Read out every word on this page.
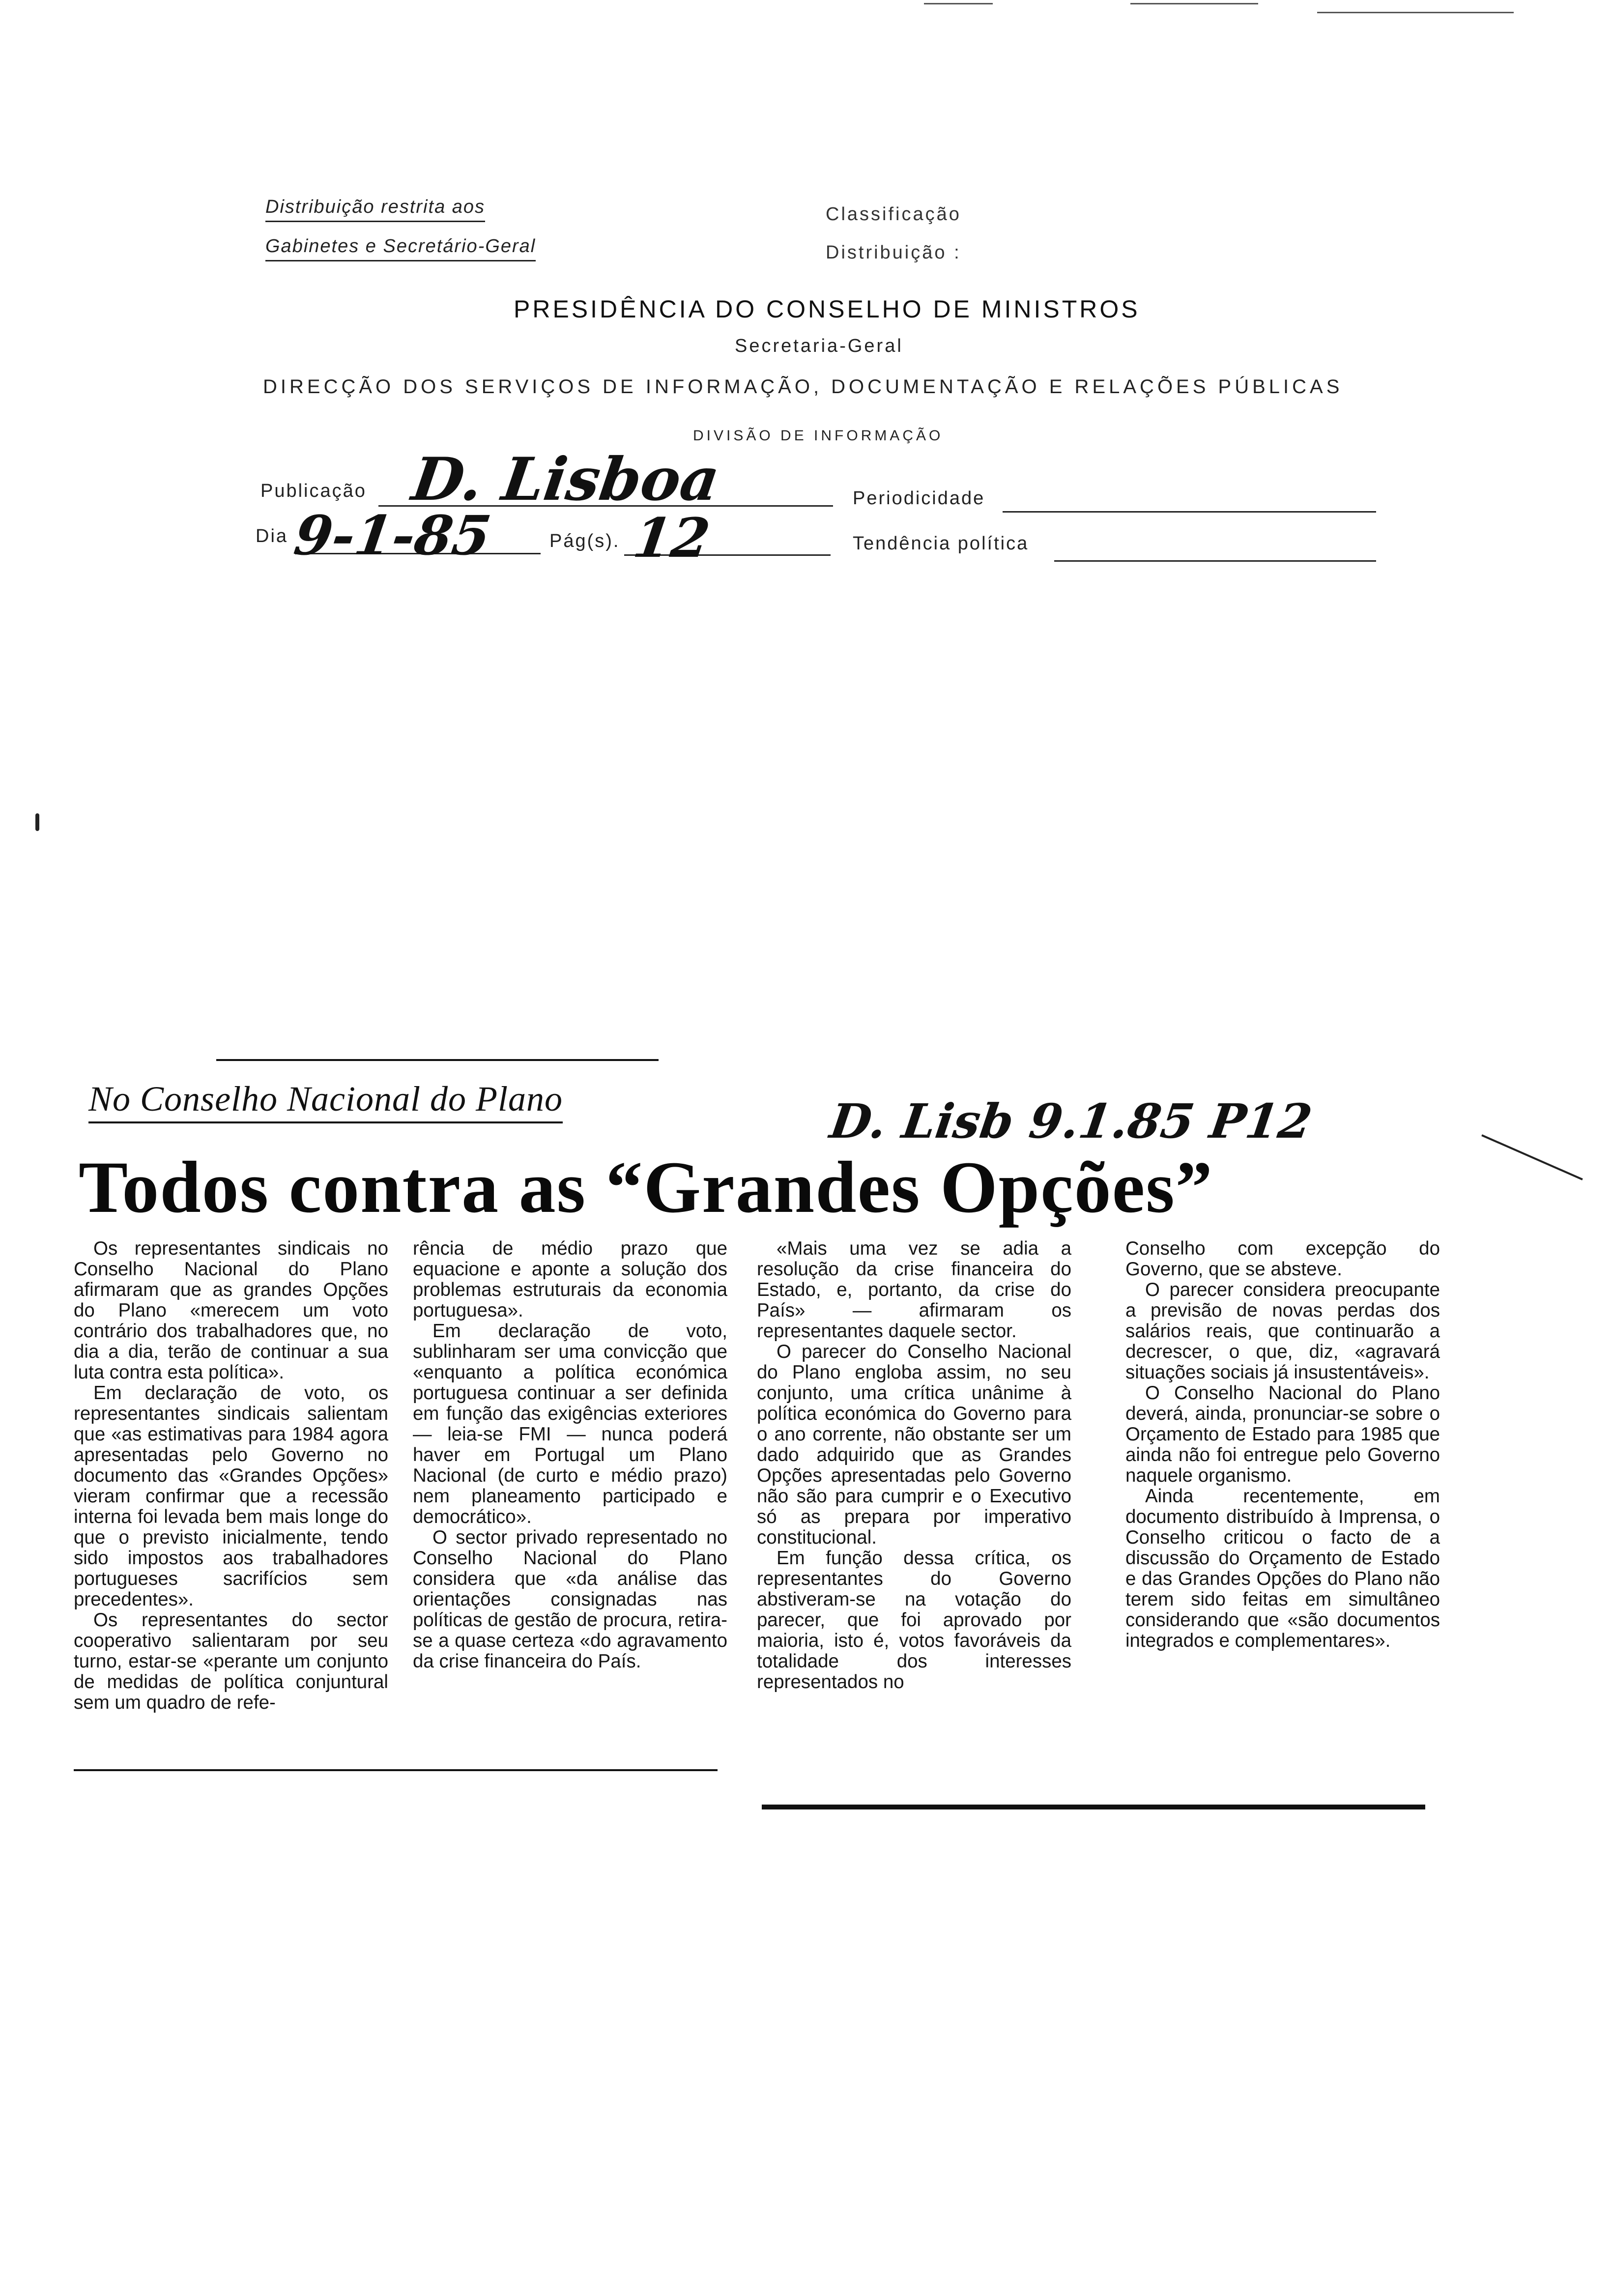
Distribuição restrita aos
Gabinetes e Secretário-Geral
Classificação
Distribuição :
PRESIDÊNCIA DO CONSELHO DE MINISTROS
Secretaria-Geral
DIRECÇÃO DOS SERVIÇOS DE INFORMAÇÃO, DOCUMENTAÇÃO E RELAÇÕES PÚBLICAS
DIVISÃO DE INFORMAÇÃO
Publicação D. Lisboa	Periodicidade
Dia 9-1-85	Pág(s). 12	Tendência política
No Conselho Nacional do Plano	D. Lisb 9.1.85 P12
Todos contra as “Grandes Opções”

Os representantes sindicais no Conselho Nacional do Plano afirmaram que as grandes Opções do Plano «merecem um voto contrário dos trabalhadores que, no dia a dia, terão de continuar a sua luta contra esta política».

Em declaração de voto, os representantes sindicais salientam que «as estimativas para 1984 agora apresentadas pelo Governo no documento das «Grandes Opções» vieram confirmar que a recessão interna foi levada bem mais longe do que o previsto inicialmente, tendo sido impostos aos trabalhadores portugueses sacrifícios sem precedentes».

Os representantes do sector cooperativo salientaram por seu turno, estar-se «perante um conjunto de medidas de política conjuntural sem um quadro de refe-

rência de médio prazo que equacione e aponte a solução dos problemas estruturais da economia portuguesa».

Em declaração de voto, sublinharam ser uma convicção que «enquanto a política económica portuguesa continuar a ser definida em função das exigências exteriores — leia-se FMI — nunca poderá haver em Portugal um Plano Nacional (de curto e médio prazo) nem planeamento participado e democrático».

O sector privado representado no Conselho Nacional do Plano considera que «da análise das orientações consignadas nas políticas de gestão de procura, retira-se a quase certeza «do agravamento da crise financeira do País.

«Mais uma vez se adia a resolução da crise financeira do Estado, e, portanto, da crise do País» — afirmaram os representantes daquele sector.

O parecer do Conselho Nacional do Plano engloba assim, no seu conjunto, uma crítica unânime à política económica do Governo para o ano corrente, não obstante ser um dado adquirido que as Grandes Opções apresentadas pelo Governo não são para cumprir e o Executivo só as prepara por imperativo constitucional.

Em função dessa crítica, os representantes do Governo abstiveram-se na votação do parecer, que foi aprovado por maioria, isto é, votos favoráveis da totalidade dos interesses representados no

Conselho com excepção do Governo, que se absteve.

O parecer considera preocupante a previsão de novas perdas dos salários reais, que continuarão a decrescer, o que, diz, «agravará situações sociais já insustentáveis».

O Conselho Nacional do Plano deverá, ainda, pronunciar-se sobre o Orçamento de Estado para 1985 que ainda não foi entregue pelo Governo naquele organismo.

Ainda recentemente, em documento distribuído à Imprensa, o Conselho criticou o facto de a discussão do Orçamento de Estado e das Grandes Opções do Plano não terem sido feitas em simultâneo considerando que «são documentos integrados e complementares».
